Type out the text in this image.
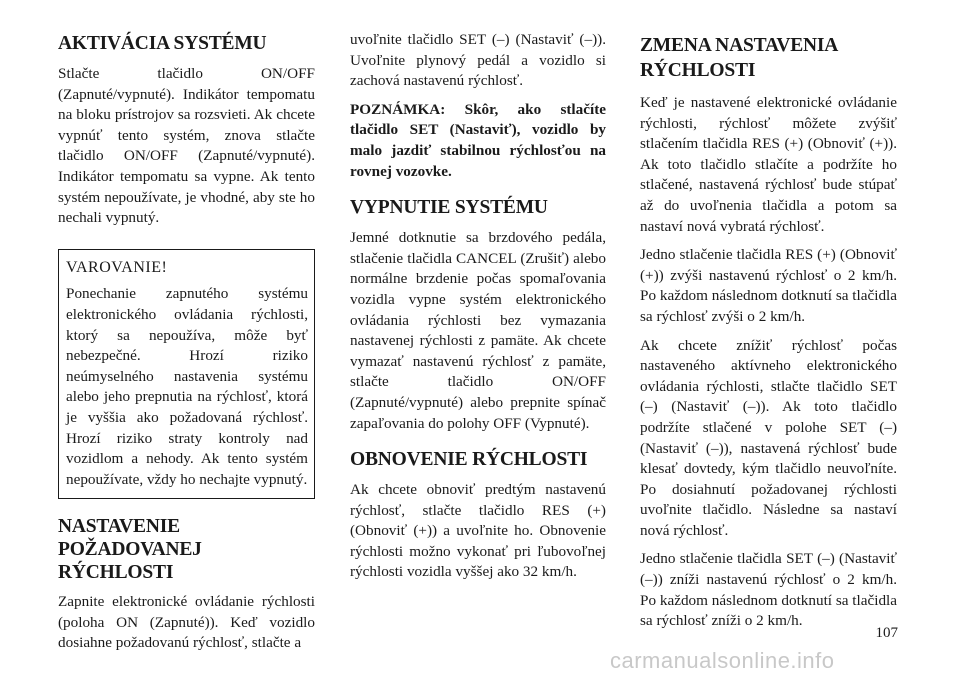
AKTIVÁCIA SYSTÉMU

Stlačte tlačidlo ON/OFF (Zapnuté/vypnuté). Indikátor tempomatu na bloku prístrojov sa rozsvieti. Ak chcete vypnúť tento systém, znova stlačte tlačidlo ON/OFF (Zapnuté/vypnuté). Indikátor tempomatu sa vypne. Ak tento systém nepoužívate, je vhodné, aby ste ho nechali vypnutý.

VAROVANIE!

Ponechanie zapnutého systému elektronického ovládania rýchlosti, ktorý sa nepoužíva, môže byť nebezpečné. Hrozí riziko neúmyselného nastavenia systému alebo jeho prepnutia na rýchlosť, ktorá je vyššia ako požadovaná rýchlosť. Hrozí riziko straty kontroly nad vozidlom a nehody. Ak tento systém nepoužívate, vždy ho nechajte vypnutý.

NASTAVENIE
POŽADOVANEJ
RÝCHLOSTI

Zapnite elektronické ovládanie rýchlosti (poloha ON (Zapnuté)). Keď vozidlo dosiahne požadovanú rýchlosť, stlačte a

uvoľnite tlačidlo SET (–) (Nastaviť (–)). Uvoľnite plynový pedál a vozidlo si zachová nastavenú rýchlosť.

POZNÁMKA: Skôr, ako stlačíte tlačidlo SET (Nastaviť), vozidlo by malo jazdiť stabilnou rýchlosťou na rovnej vozovke.

VYPNUTIE SYSTÉMU

Jemné dotknutie sa brzdového pedála, stlačenie tlačidla CANCEL (Zrušiť) alebo normálne brzdenie počas spomaľovania vozidla vypne systém elektronického ovládania rýchlosti bez vymazania nastavenej rýchlosti z pamäte. Ak chcete vymazať nastavenú rýchlosť z pamäte, stlačte tlačidlo ON/OFF (Zapnuté/vypnuté) alebo prepnite spínač zapaľovania do polohy OFF (Vypnuté).

OBNOVENIE RÝCHLOSTI

Ak chcete obnoviť predtým nastavenú rýchlosť, stlačte tlačidlo RES (+) (Obnoviť (+)) a uvoľnite ho. Obnovenie rýchlosti možno vykonať pri ľubovoľnej rýchlosti vozidla vyššej ako 32 km/h.

ZMENA NASTAVENIA
RÝCHLOSTI

Keď je nastavené elektronické ovládanie rýchlosti, rýchlosť môžete zvýšiť stlačením tlačidla RES (+) (Obnoviť (+)). Ak toto tlačidlo stlačíte a podržíte ho stlačené, nastavená rýchlosť bude stúpať až do uvoľnenia tlačidla a potom sa nastaví nová vybratá rýchlosť.

Jedno stlačenie tlačidla RES (+) (Obnoviť (+)) zvýši nastavenú rýchlosť o 2 km/h. Po každom následnom dotknutí sa tlačidla sa rýchlosť zvýši o 2 km/h.

Ak chcete znížiť rýchlosť počas nastaveného aktívneho elektronického ovládania rýchlosti, stlačte tlačidlo SET (–) (Nastaviť (–)). Ak toto tlačidlo podržíte stlačené v polohe SET (–) (Nastaviť (–)), nastavená rýchlosť bude klesať dovtedy, kým tlačidlo neuvoľníte. Po dosiahnutí požadovanej rýchlosti uvoľnite tlačidlo. Následne sa nastaví nová rýchlosť.

Jedno stlačenie tlačidla SET (–) (Nastaviť (–)) zníži nastavenú rýchlosť o 2 km/h. Po každom následnom dotknutí sa tlačidla sa rýchlosť zníži o 2 km/h.

107
carmanualsonline.info
